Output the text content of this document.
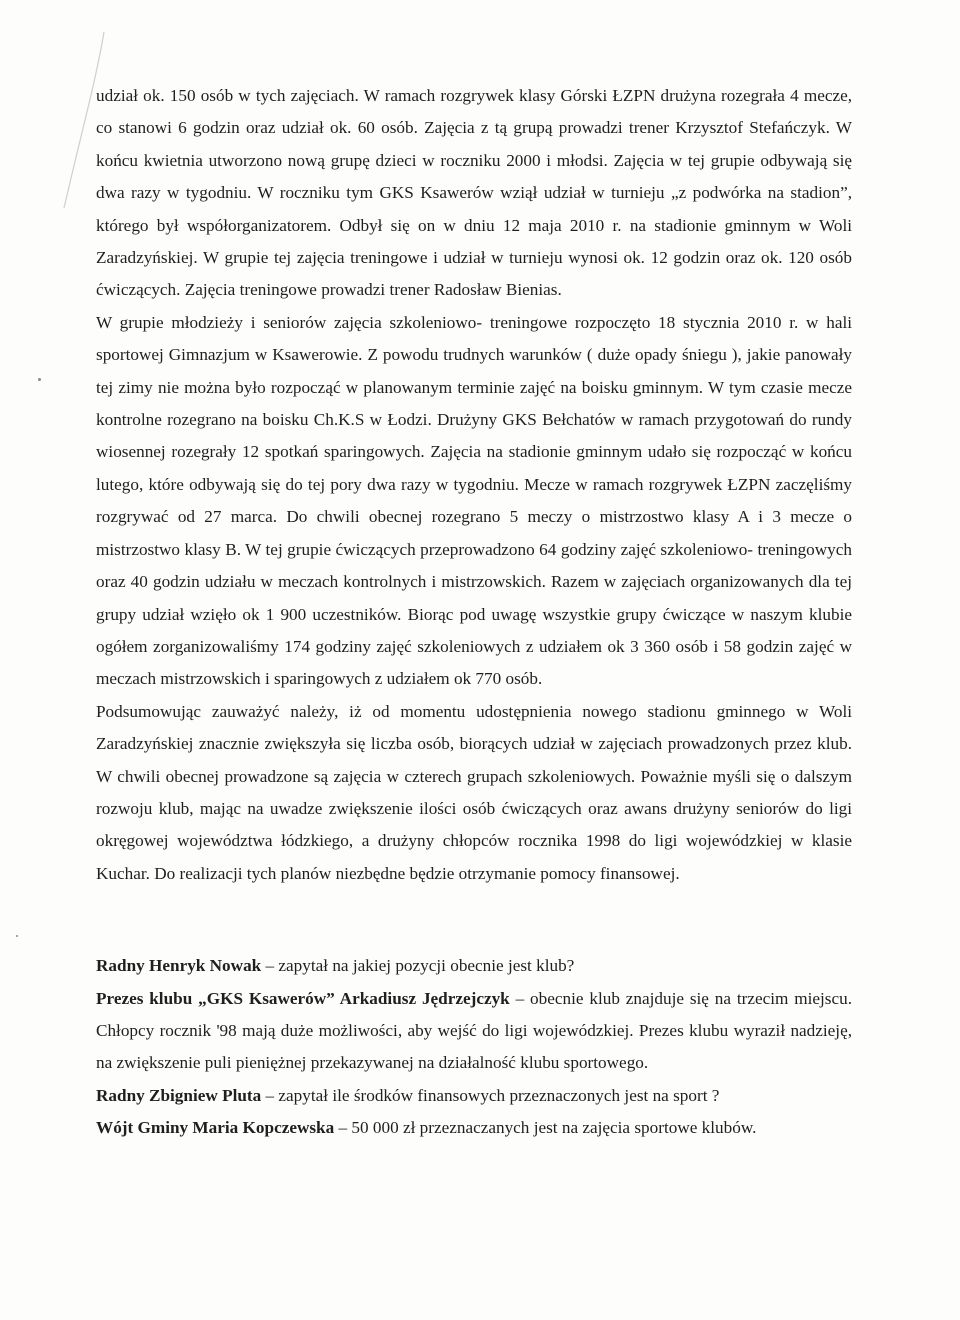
udział ok. 150 osób w tych zajęciach. W ramach rozgrywek klasy Górski ŁZPN drużyna rozegrała 4 mecze, co stanowi 6 godzin oraz udział ok. 60 osób. Zajęcia z tą grupą prowadzi trener Krzysztof Stefańczyk. W końcu kwietnia utworzono nową grupę dzieci w roczniku 2000 i młodsi. Zajęcia w tej grupie odbywają się dwa razy w tygodniu. W roczniku tym GKS Ksawerów wziął udział w turnieju „z podwórka na stadion”, którego był współorganizatorem. Odbył się on w dniu 12 maja 2010 r. na stadionie gminnym w Woli Zaradzyńskiej. W grupie tej zajęcia treningowe i udział w turnieju wynosi ok. 12 godzin oraz ok. 120 osób ćwiczących. Zajęcia treningowe prowadzi trener Radosław Bienias.

W grupie młodzieży i seniorów zajęcia szkoleniowo- treningowe rozpoczęto 18 stycznia 2010 r. w hali sportowej Gimnazjum w Ksawerowie. Z powodu trudnych warunków ( duże opady śniegu ), jakie panowały tej zimy nie można było rozpocząć w planowanym terminie zajęć na boisku gminnym. W tym czasie mecze kontrolne rozegrano na boisku Ch.K.S w Łodzi. Drużyny GKS Bełchatów w ramach przygotowań do rundy wiosennej rozegrały 12 spotkań sparingowych. Zajęcia na stadionie gminnym udało się rozpocząć w końcu lutego, które odbywają się do tej pory dwa razy w tygodniu. Mecze w ramach rozgrywek ŁZPN zaczęliśmy rozgrywać od 27 marca. Do chwili obecnej rozegrano 5 meczy o mistrzostwo klasy A i 3 mecze o mistrzostwo klasy B. W tej grupie ćwiczących przeprowadzono 64 godziny zajęć szkoleniowo- treningowych oraz 40 godzin udziału w meczach kontrolnych i mistrzowskich. Razem w zajęciach organizowanych dla tej grupy udział wzięło ok 1 900 uczestników. Biorąc pod uwagę wszystkie grupy ćwiczące w naszym klubie ogółem zorganizowaliśmy 174 godziny zajęć szkoleniowych z udziałem ok 3 360 osób i 58 godzin zajęć w meczach mistrzowskich i sparingowych z udziałem ok 770 osób.

Podsumowując zauważyć należy, iż od momentu udostępnienia nowego stadionu gminnego w Woli Zaradzyńskiej znacznie zwiększyła się liczba osób, biorących udział w zajęciach prowadzonych przez klub. W chwili obecnej prowadzone są zajęcia w czterech grupach szkoleniowych. Poważnie myśli się o dalszym rozwoju klub, mając na uwadze zwiększenie ilości osób ćwiczących oraz awans drużyny seniorów do ligi okręgowej województwa łódzkiego, a drużyny chłopców rocznika 1998 do ligi wojewódzkiej w klasie Kuchar. Do realizacji tych planów niezbędne będzie otrzymanie pomocy finansowej.

Radny Henryk Nowak – zapytał na jakiej pozycji obecnie jest klub?

Prezes klubu „GKS Ksawerów” Arkadiusz Jędrzejczyk – obecnie klub znajduje się na trzecim miejscu. Chłopcy rocznik '98 mają duże możliwości, aby wejść do ligi wojewódzkiej. Prezes klubu wyraził nadzieję, na zwiększenie puli pieniężnej przekazywanej na działalność klubu sportowego.

Radny Zbigniew Pluta – zapytał ile środków finansowych przeznaczonych jest na sport ?

Wójt Gminy Maria Kopczewska – 50 000 zł przeznaczanych jest na zajęcia sportowe klubów.
